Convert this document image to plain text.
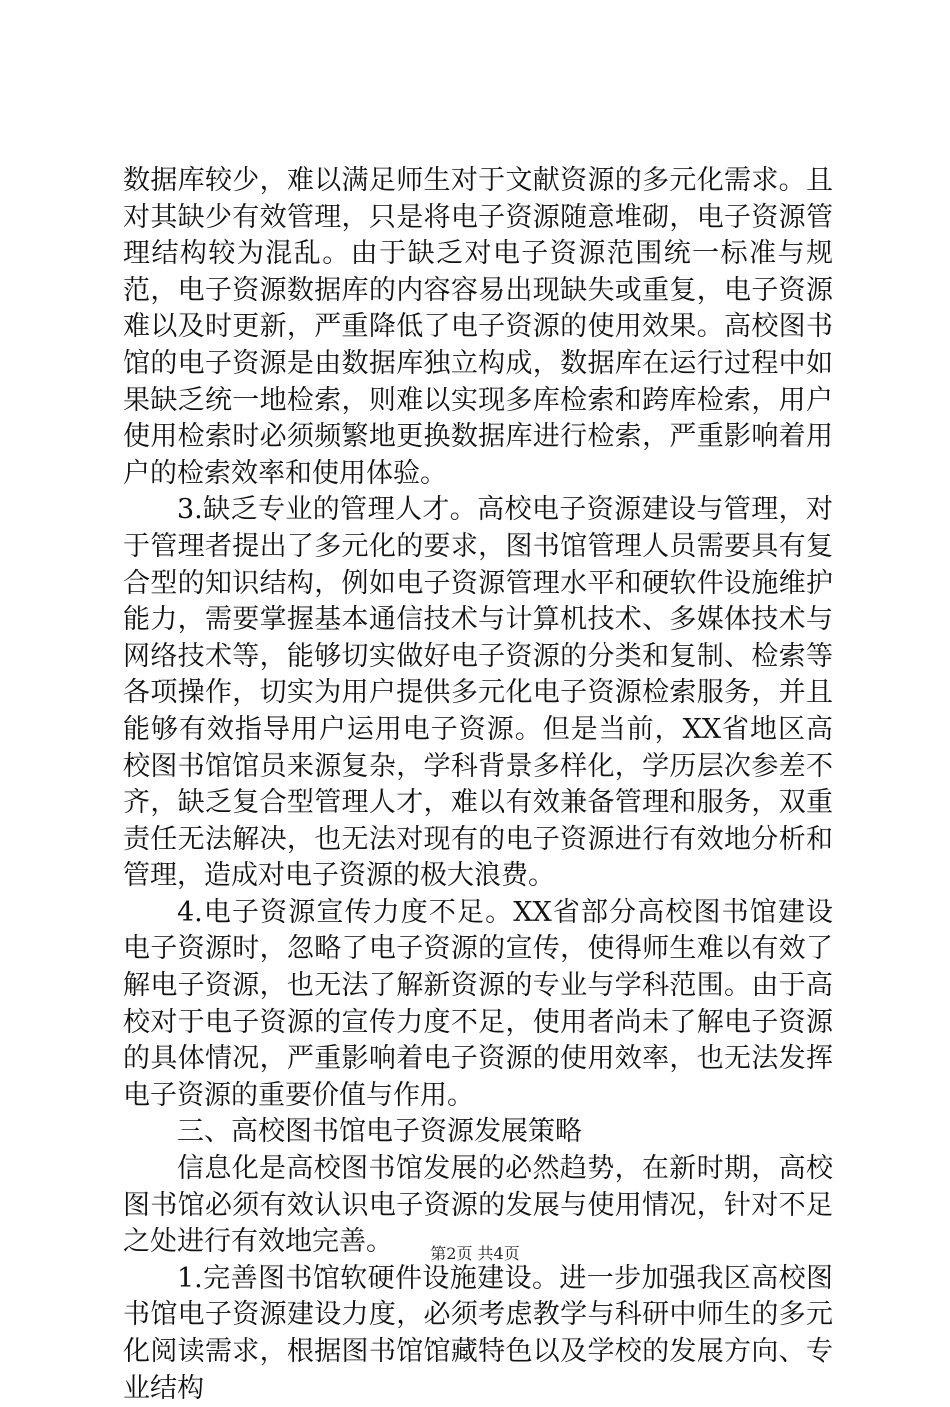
数据库较少，难以满足师生对于文献资源的多元化需求。且对其缺少有效管理，只是将电子资源随意堆砌，电子资源管理结构较为混乱。由于缺乏对电子资源范围统一标准与规范，电子资源数据库的内容容易出现缺失或重复，电子资源难以及时更新，严重降低了电子资源的使用效果。高校图书馆的电子资源是由数据库独立构成，数据库在运行过程中如果缺乏统一地检索，则难以实现多库检索和跨库检索，用户使用检索时必须频繁地更换数据库进行检索，严重影响着用户的检索效率和使用体验。

3.缺乏专业的管理人才。高校电子资源建设与管理，对于管理者提出了多元化的要求，图书馆管理人员需要具有复合型的知识结构，例如电子资源管理水平和硬软件设施维护能力，需要掌握基本通信技术与计算机技术、多媒体技术与网络技术等，能够切实做好电子资源的分类和复制、检索等各项操作，切实为用户提供多元化电子资源检索服务，并且能够有效指导用户运用电子资源。但是当前，XX省地区高校图书馆馆员来源复杂，学科背景多样化，学历层次参差不齐，缺乏复合型管理人才，难以有效兼备管理和服务，双重责任无法解决，也无法对现有的电子资源进行有效地分析和管理，造成对电子资源的极大浪费。

4.电子资源宣传力度不足。XX省部分高校图书馆建设电子资源时，忽略了电子资源的宣传，使得师生难以有效了解电子资源，也无法了解新资源的专业与学科范围。由于高校对于电子资源的宣传力度不足，使用者尚未了解电子资源的具体情况，严重影响着电子资源的使用效率，也无法发挥电子资源的重要价值与作用。

三、高校图书馆电子资源发展策略

信息化是高校图书馆发展的必然趋势，在新时期，高校图书馆必须有效认识电子资源的发展与使用情况，针对不足之处进行有效地完善。

1.完善图书馆软硬件设施建设。进一步加强我区高校图书馆电子资源建设力度，必须考虑教学与科研中师生的多元化阅读需求，根据图书馆馆藏特色以及学校的发展方向、专业结构

第2页 共4页
